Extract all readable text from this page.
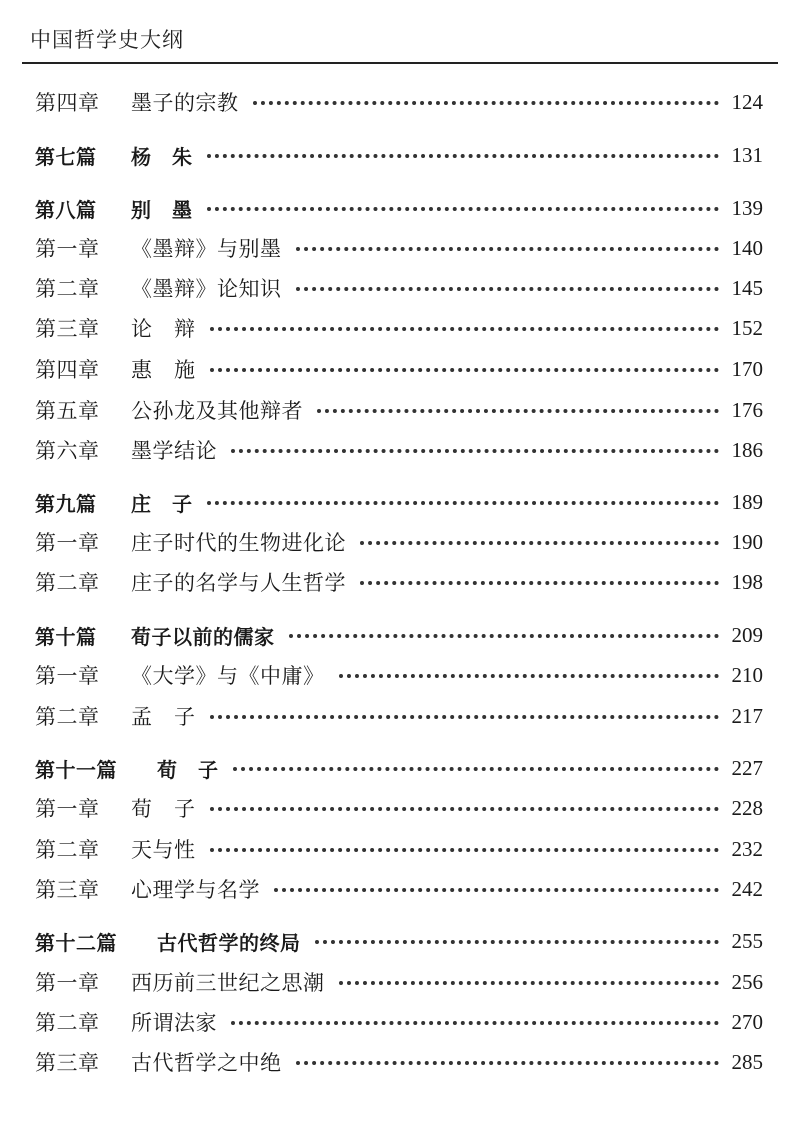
中国哲学史大纲
第四章	墨子的宗教	124
第七篇	杨　朱	131
第八篇	别　墨	139
第一章	《墨辩》与别墨	140
第二章	《墨辩》论知识	145
第三章	论　辩	152
第四章	惠　施	170
第五章	公孙龙及其他辩者	176
第六章	墨学结论	186
第九篇	庄　子	189
第一章	庄子时代的生物进化论	190
第二章	庄子的名学与人生哲学	198
第十篇	荀子以前的儒家	209
第一章	《大学》与《中庸》	210
第二章	孟　子	217
第十一篇	荀　子	227
第一章	荀　子	228
第二章	天与性	232
第三章	心理学与名学	242
第十二篇	古代哲学的终局	255
第一章	西历前三世纪之思潮	256
第二章	所谓法家	270
第三章	古代哲学之中绝	285
